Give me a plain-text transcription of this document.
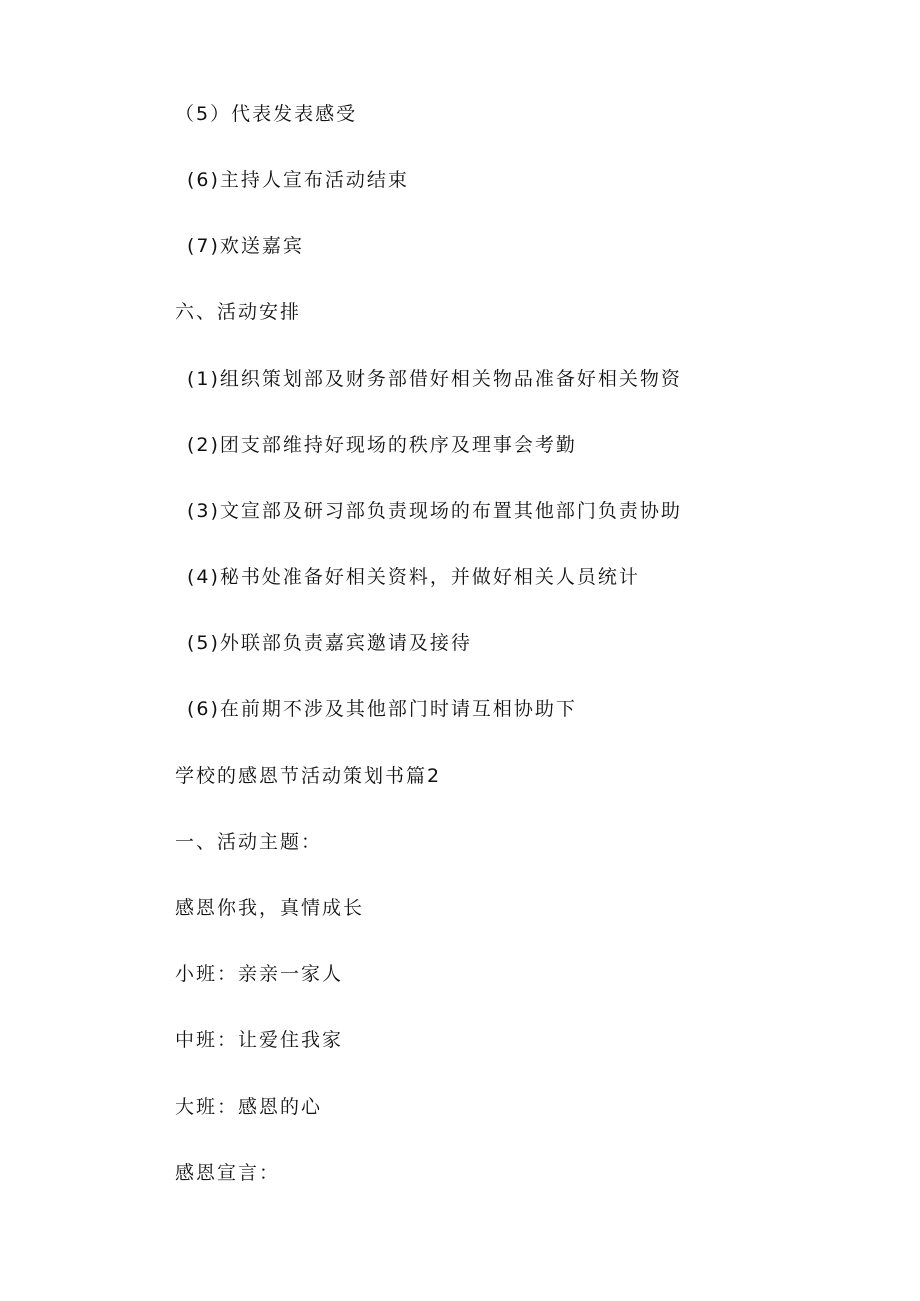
（5）代表发表感受
(6)主持人宣布活动结束
(7)欢送嘉宾
六、活动安排
(1)组织策划部及财务部借好相关物品准备好相关物资
(2)团支部维持好现场的秩序及理事会考勤
(3)文宣部及研习部负责现场的布置其他部门负责协助
(4)秘书处准备好相关资料，并做好相关人员统计
(5)外联部负责嘉宾邀请及接待
(6)在前期不涉及其他部门时请互相协助下
学校的感恩节活动策划书篇2
一、活动主题：
感恩你我，真情成长
小班：亲亲一家人
中班：让爱住我家
大班：感恩的心
感恩宣言：
